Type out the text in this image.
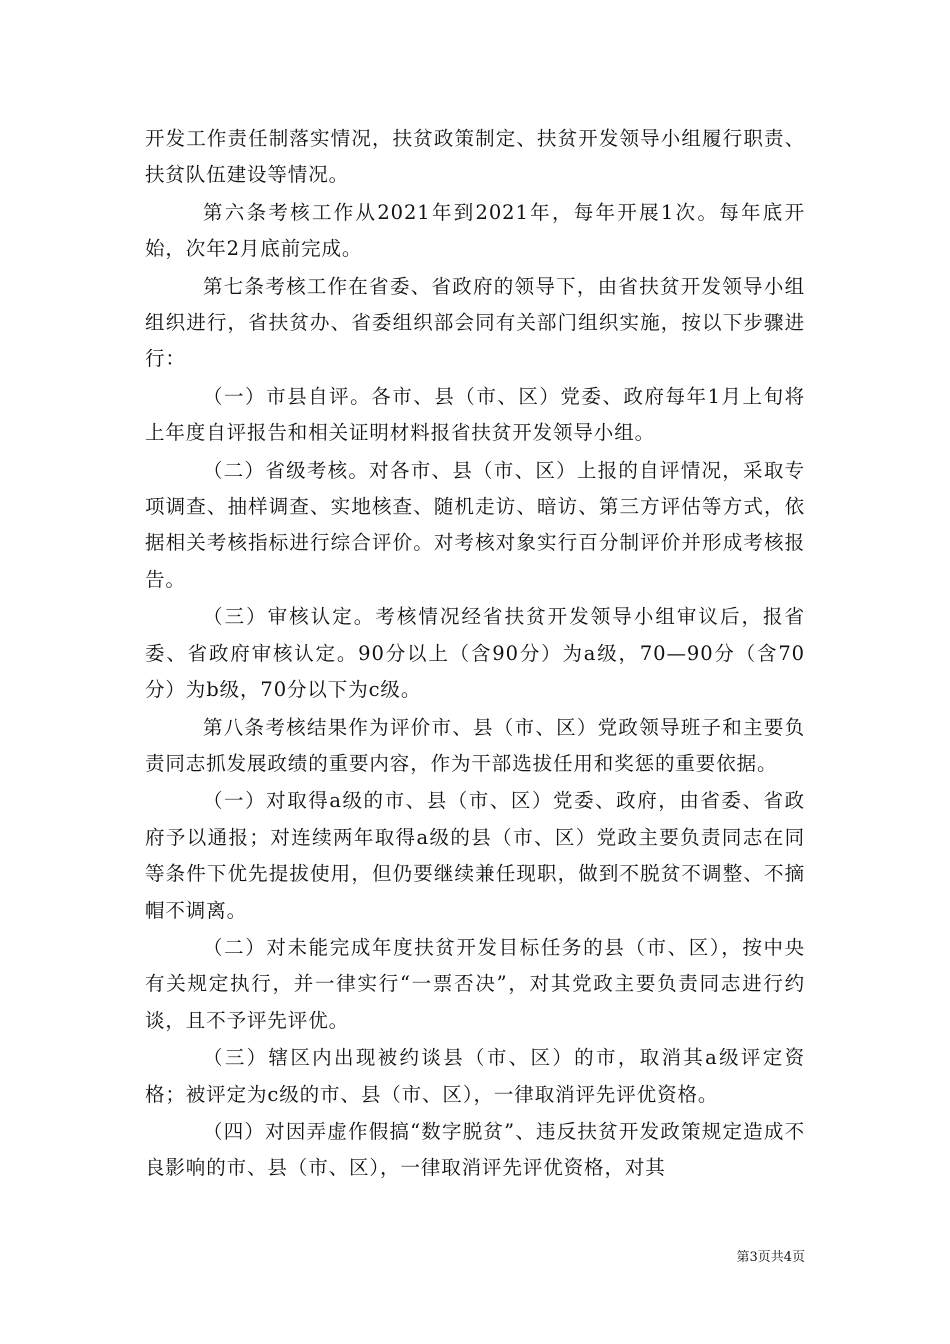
开发工作责任制落实情况，扶贫政策制定、扶贫开发领导小组履行职责、扶贫队伍建设等情况。

第六条考核工作从2021年到2021年，每年开展1次。每年底开始，次年2月底前完成。

第七条考核工作在省委、省政府的领导下，由省扶贫开发领导小组组织进行，省扶贫办、省委组织部会同有关部门组织实施，按以下步骤进行：

（一）市县自评。各市、县（市、区）党委、政府每年1月上旬将上年度自评报告和相关证明材料报省扶贫开发领导小组。

（二）省级考核。对各市、县（市、区）上报的自评情况，采取专项调查、抽样调查、实地核查、随机走访、暗访、第三方评估等方式，依据相关考核指标进行综合评价。对考核对象实行百分制评价并形成考核报告。

（三）审核认定。考核情况经省扶贫开发领导小组审议后，报省委、省政府审核认定。90分以上（含90分）为a级，70—90分（含70分）为b级，70分以下为c级。

第八条考核结果作为评价市、县（市、区）党政领导班子和主要负责同志抓发展政绩的重要内容，作为干部选拔任用和奖惩的重要依据。

（一）对取得a级的市、县（市、区）党委、政府，由省委、省政府予以通报；对连续两年取得a级的县（市、区）党政主要负责同志在同等条件下优先提拔使用，但仍要继续兼任现职，做到不脱贫不调整、不摘帽不调离。

（二）对未能完成年度扶贫开发目标任务的县（市、区），按中央有关规定执行，并一律实行“一票否决”，对其党政主要负责同志进行约谈，且不予评先评优。

（三）辖区内出现被约谈县（市、区）的市，取消其a级评定资格；被评定为c级的市、县（市、区），一律取消评先评优资格。

（四）对因弄虚作假搞“数字脱贫”、违反扶贫开发政策规定造成不良影响的市、县（市、区），一律取消评先评优资格，对其

第3页共4页
